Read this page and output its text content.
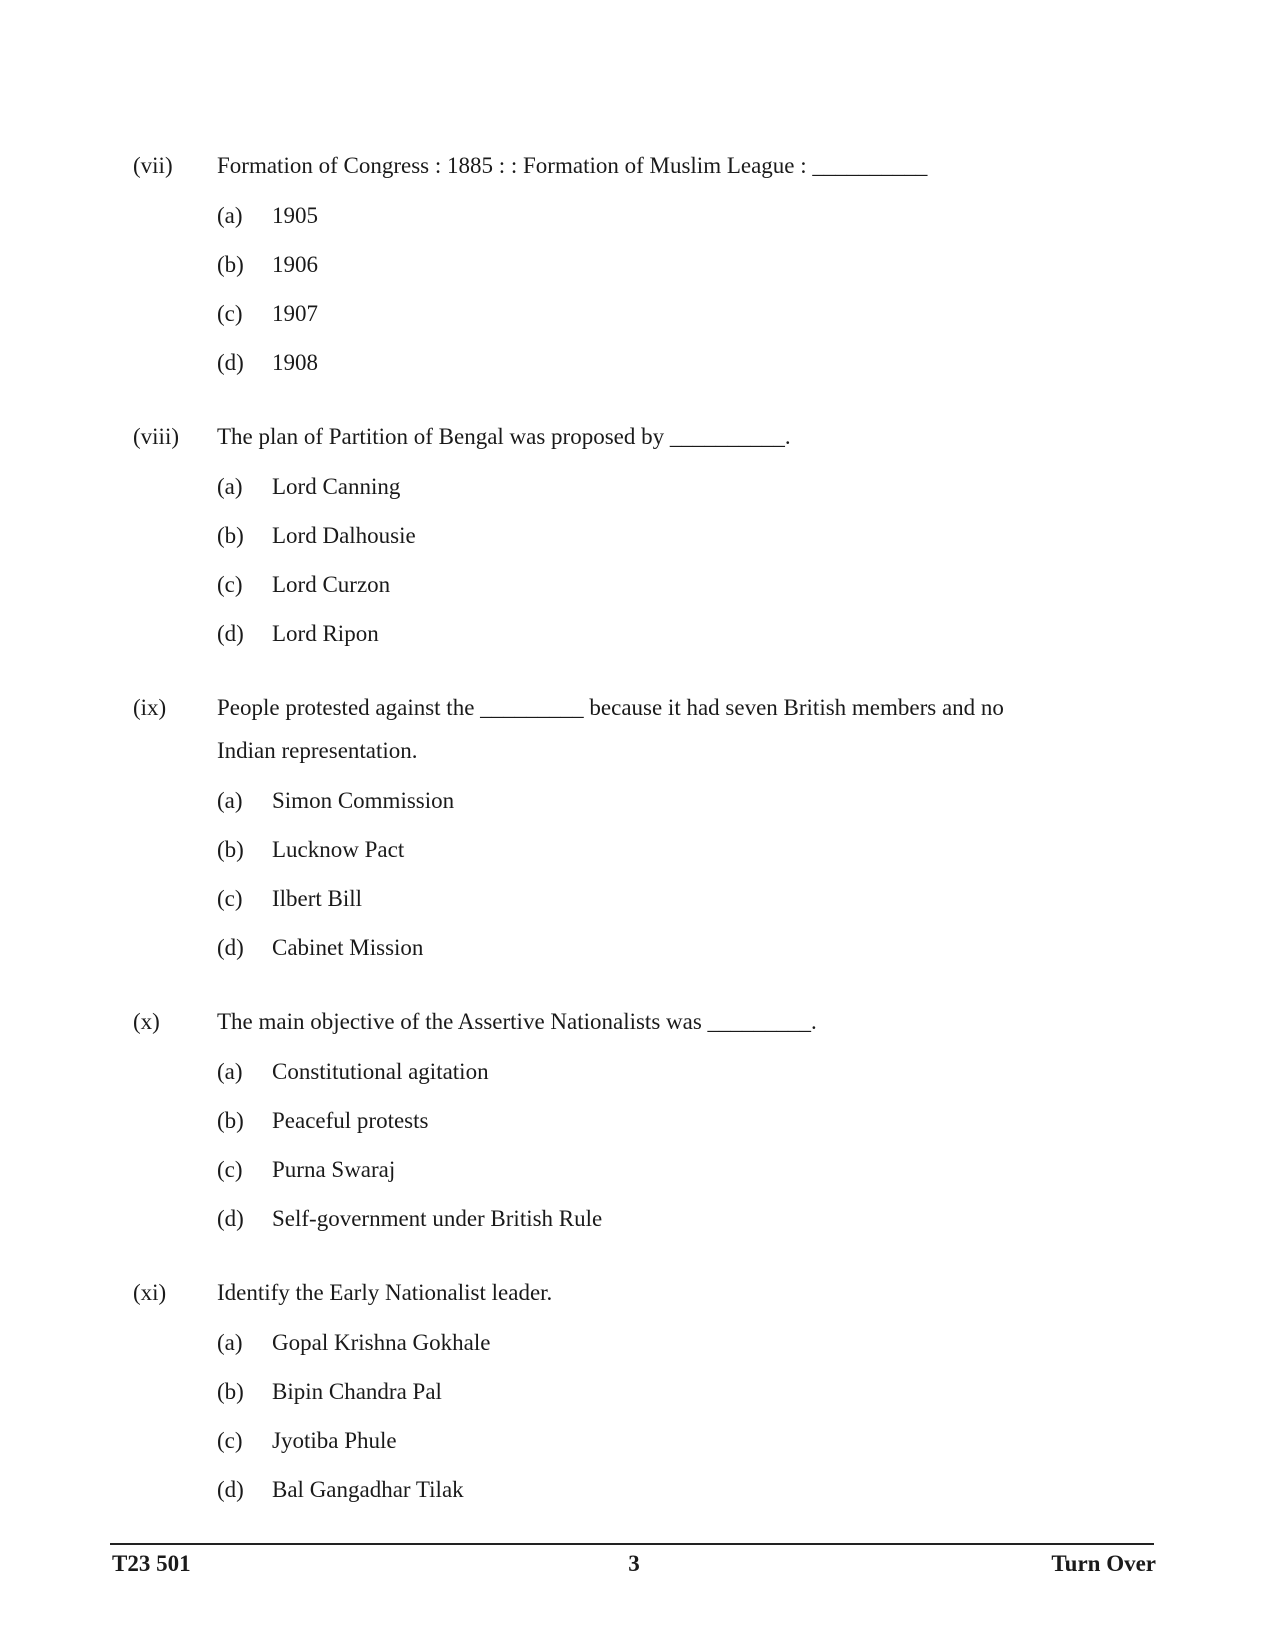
(vii)	Formation of Congress : 1885 : : Formation of Muslim League : __________
(a)	1905
(b)	1906
(c)	1907
(d)	1908
(viii)	The plan of Partition of Bengal was proposed by __________.
(a)	Lord Canning
(b)	Lord Dalhousie
(c)	Lord Curzon
(d)	Lord Ripon
(ix)	People protested against the _________ because it had seven British members and no Indian representation.
(a)	Simon Commission
(b)	Lucknow Pact
(c)	Ilbert Bill
(d)	Cabinet Mission
(x)	The main objective of the Assertive Nationalists was _________.
(a)	Constitutional agitation
(b)	Peaceful protests
(c)	Purna Swaraj
(d)	Self-government under British Rule
(xi)	Identify the Early Nationalist leader.
(a)	Gopal Krishna Gokhale
(b)	Bipin Chandra Pal
(c)	Jyotiba Phule
(d)	Bal Gangadhar Tilak
T23 501	3	Turn Over
